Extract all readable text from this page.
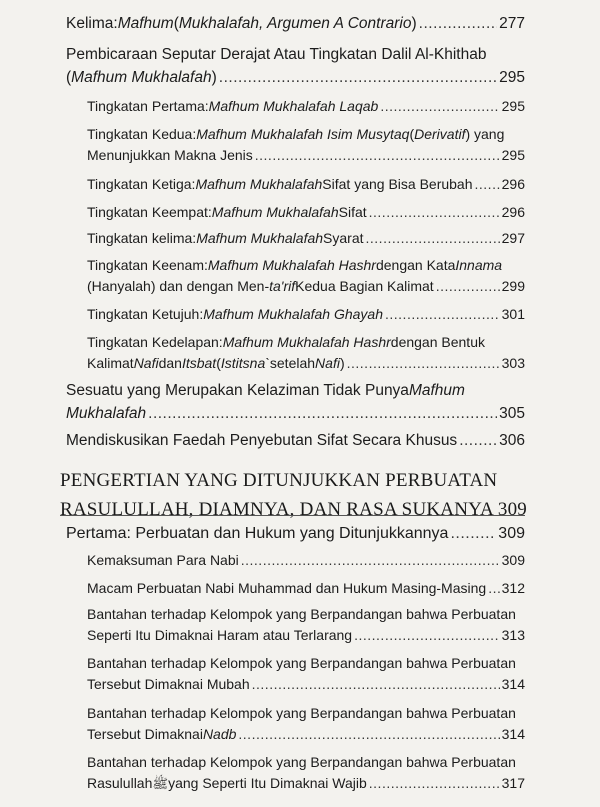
Kelima: Mafhum ( Mukhalafah, Argumen A Contrario ) .....	277
Pembicaraan Seputar Derajat Atau Tingkatan Dalil Al-Khithab
( Mafhum Mukhalafah ) .....	295
Tingkatan Pertama: Mafhum Mukhalafah Laqab .....	295
Tingkatan Kedua: Mafhum Mukhalafah Isim Musytaq ( Derivatif ) yang
Menunjukkan Makna Jenis .....	295
Tingkatan Ketiga: Mafhum Mukhalafah Sifat yang Bisa Berubah ..... 296
Tingkatan Keempat: Mafhum Mukhalafah Sifat .....	296
Tingkatan kelima: Mafhum Mukhalafah Syarat .....	297
Tingkatan Keenam: Mafhum Mukhalafah Hashr dengan Kata Innama
(Hanyalah) dan dengan Men- ta'rif Kedua Bagian Kalimat .....	299
Tingkatan Ketujuh: Mafhum Mukhalafah Ghayah .....	301
Tingkatan Kedelapan: Mafhum Mukhalafah Hashr dengan Bentuk
Kalimat Nafi dan Itsbat ( Istitsna` setelah Nafi ) .....	303
Sesuatu yang Merupakan Kelaziman Tidak Punya Mafhum
Mukhalafah .....	305
Mendiskusikan Faedah Penyebutan Sifat Secara Khusus .....	306
PENGERTIAN YANG DITUNJUKKAN PERBUATAN
RASULULLAH, DIAMNYA, DAN RASA SUKANYA 309
Pertama: Perbuatan dan Hukum yang Ditunjukkannya .....	309
Kemaksuman Para Nabi .....	309
Macam Perbuatan Nabi Muhammad dan Hukum Masing-Masing ..... 312
Bantahan terhadap Kelompok yang Berpandangan bahwa Perbuatan
Seperti Itu Dimaknai Haram atau Terlarang .....	313
Bantahan terhadap Kelompok yang Berpandangan bahwa Perbuatan
Tersebut Dimaknai Mubah .....	314
Bantahan terhadap Kelompok yang Berpandangan bahwa Perbuatan
Tersebut Dimaknai Nadb .....	314
Bantahan terhadap Kelompok yang Berpandangan bahwa Perbuatan
Rasulullah ﷺ yang Seperti Itu Dimaknai Wajib .....	317
